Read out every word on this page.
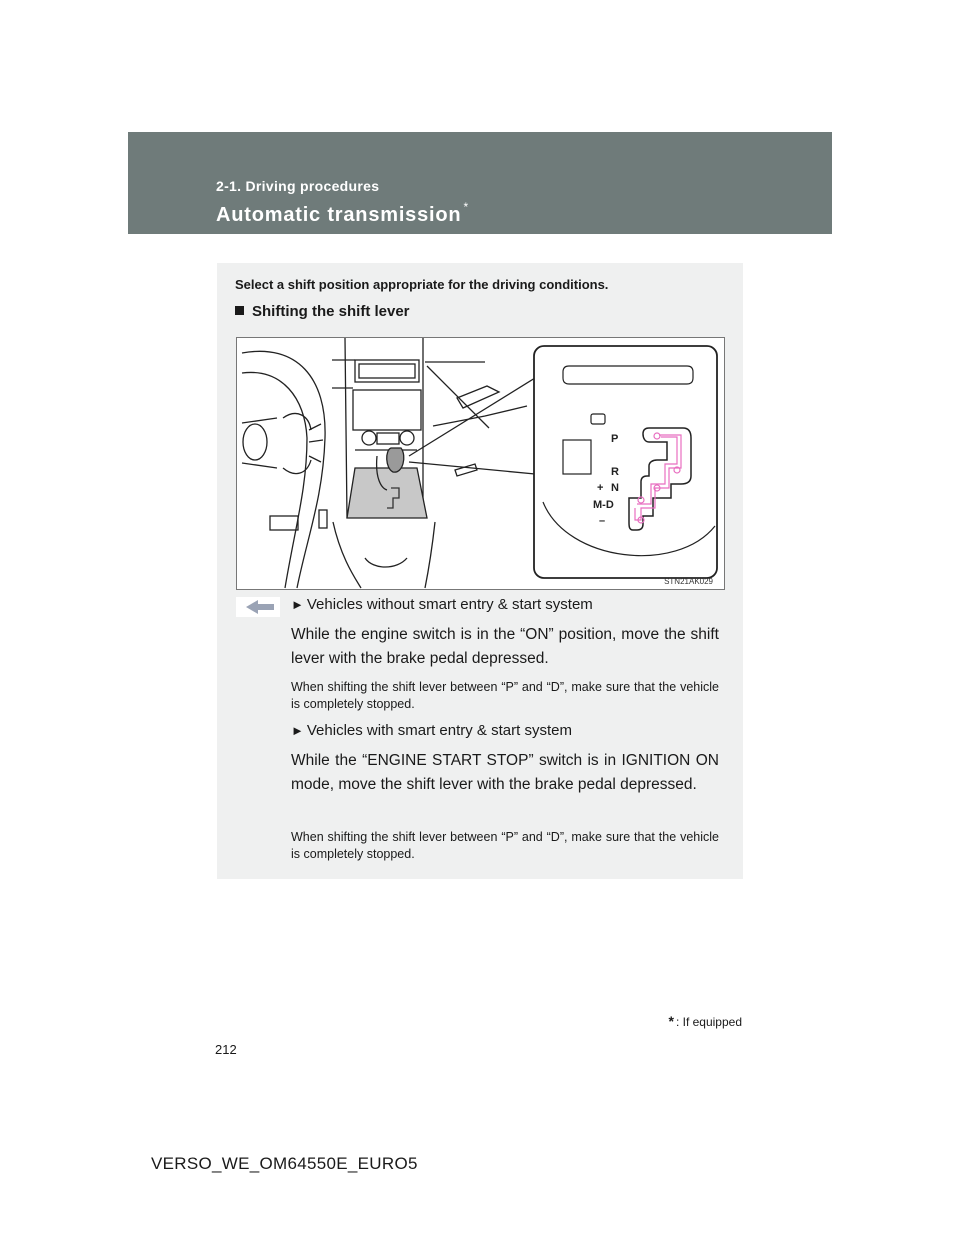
2-1. Driving procedures
Automatic transmission *
Select a shift position appropriate for the driving conditions.
Shifting the shift lever
P
R
+ N
M-D
–
STN21AK029
► Vehicles without smart entry & start system
While the engine switch is in the “ON” position, move the shift lever with the brake pedal depressed.
When shifting the shift lever between “P” and “D”, make sure that the vehicle is completely stopped.
► Vehicles with smart entry & start system
While the “ENGINE START STOP” switch is in IGNITION ON mode, move the shift lever with the brake pedal depressed.
When shifting the shift lever between “P” and “D”, make sure that the vehicle is completely stopped.
* : If equipped
212
VERSO_WE_OM64550E_EURO5
